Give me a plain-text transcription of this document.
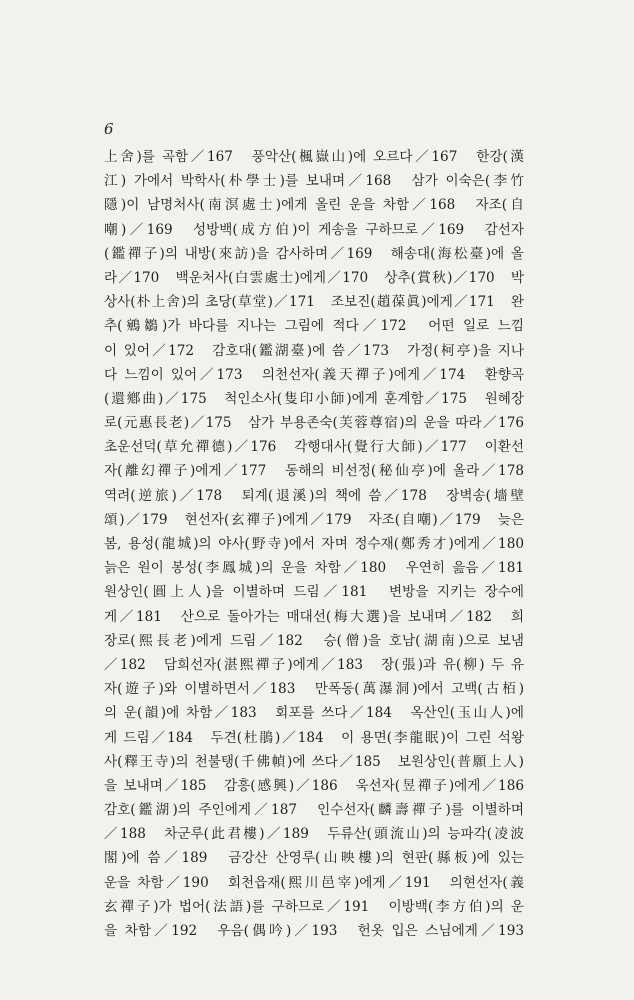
6
上舍)를 곡함／167　풍악산(楓嶽山)에 오르다／167　한강(漢
江) 가에서 박학사(朴學士)를 보내며／168　삼가 이숙은(李竹
隱)이 남명처사(南溟處士)에게 올린 운을 차함／168　자조(自
嘲)／169　성방백(成方伯)이 게송을 구하므로／169　감선자
(鑑禪子)의 내방(來訪)을 감사하며／169　해송대(海松臺)에 올
라／170　백운처사(白雲處士)에게／170　상추(賞秋)／170　박
상사(朴上舍)의 초당(草堂)／171　조보진(趙葆眞)에게／171　완
추(鵷鶵)가 바다를 지나는 그림에 적다／172　어떤 일로 느낌
이 있어／172　감호대(鑑湖臺)에 씀／173　가정(柯亭)을 지나
다 느낌이 있어／173　의천선자(義天禪子)에게／174　환향곡
(還鄕曲)／175　척인소사(隻印小師)에게 훈계함／175　원혜장
로(元惠長老)／175　삼가 부용존숙(芙蓉尊宿)의 운을 따라／176
초운선덕(草允禪德)／176　각행대사(覺行大師)／177　이환선
자(離幻禪子)에게／177　동해의 비선정(秘仙亭)에 올라／178
역려(逆旅)／178　퇴계(退溪)의 책에 씀／178　장벽송(墻壁
頌)／179　현선자(玄禪子)에게／179　자조(自嘲)／179　늦은
봄, 용성(龍城)의 야사(野寺)에서 자며 정수재(鄭秀才)에게／180
늙은 원이 봉성(李鳳城)의 운을 차함／180　우연히 읊음／181
원상인(圓上人)을 이별하며 드림／181　변방을 지키는 장수에
게／181　산으로 돌아가는 매대선(梅大選)을 보내며／182　희
장로(熙長老)에게 드림／182　승(僧)을 호남(湖南)으로 보냄
／182　담희선자(湛熙禪子)에게／183　장(張)과 유(柳) 두 유
자(遊子)와 이별하면서／183　만폭동(萬瀑洞)에서 고백(古栢)
의 운(韻)에 차함／183　회포를 쓰다／184　옥산인(玉山人)에
게 드림／184　두견(杜鵑)／184　이 용면(李龍眠)이 그린 석왕
사(釋王寺)의 천불탱(千佛幀)에 쓰다／185　보원상인(普願上人)
을 보내며／185　감흥(感興)／186　욱선자(昱禪子)에게／186
감호(鑑湖)의 주인에게／187　인수선자(麟壽禪子)를 이별하며
／188　차군루(此君樓)／189　두류산(頭流山)의 능파각(凌波
閣)에 씀／189　금강산 산영루(山映樓)의 현판(縣板)에 있는
운을 차함／190　회천읍재(熙川邑宰)에게／191　의현선자(義
玄禪子)가 법어(法語)를 구하므로／191　이방백(李方伯)의 운
을 차함／192　우음(偶吟)／193　헌옷 입은 스님에게／193
